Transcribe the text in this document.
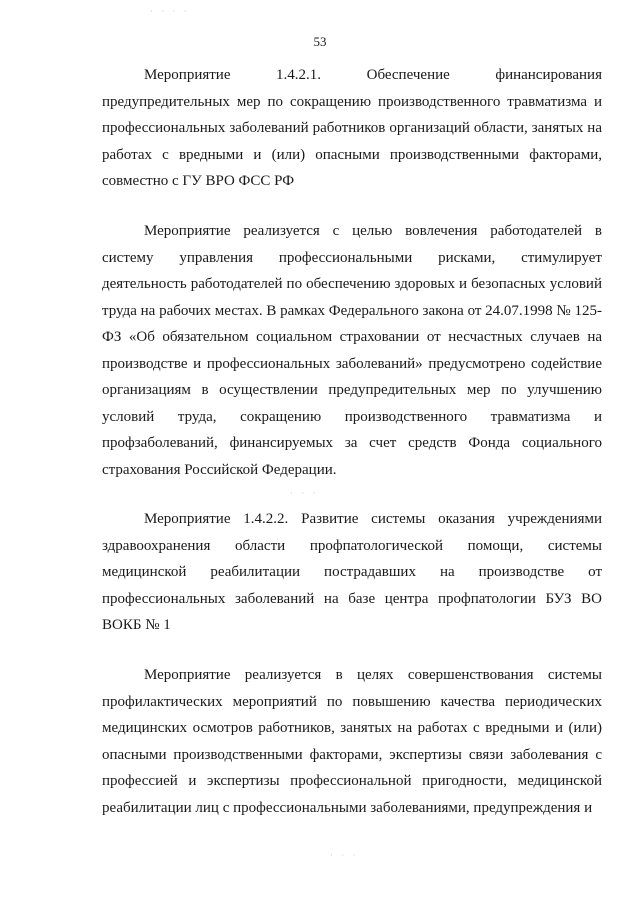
· · · ·
· · ·
· · ·
53

Мероприятие 1.4.2.1. Обеспечение финансирования предупредительных мер по сокращению производственного травматизма и профессиональных заболеваний работников организаций области, занятых на работах с вредными и (или) опасными производственными факторами, совместно с ГУ ВРО ФСС РФ

Мероприятие реализуется с целью вовлечения работодателей в систему управления профессиональными рисками, стимулирует деятельность работодателей по обеспечению здоровых и безопасных условий труда на рабочих местах. В рамках Федерального закона от 24.07.1998 № 125-ФЗ «Об обязательном социальном страховании от несчастных случаев на производстве и профессиональных заболеваний» предусмотрено содействие организациям в осуществлении предупредительных мер по улучшению условий труда, сокращению производственного травматизма и профзаболеваний, финансируемых за счет средств Фонда социального страхования Российской Федерации.

Мероприятие 1.4.2.2. Развитие системы оказания учреждениями здравоохранения области профпатологической помощи, системы медицинской реабилитации пострадавших на производстве от профессиональных заболеваний на базе центра профпатологии БУЗ ВО ВОКБ № 1

Мероприятие реализуется в целях совершенствования системы профилактических мероприятий по повышению качества периодических медицинских осмотров работников, занятых на работах с вредными и (или) опасными производственными факторами, экспертизы связи заболевания с профессией и экспертизы профессиональной пригодности, медицинской реабилитации лиц с профессиональными заболеваниями, предупреждения и
